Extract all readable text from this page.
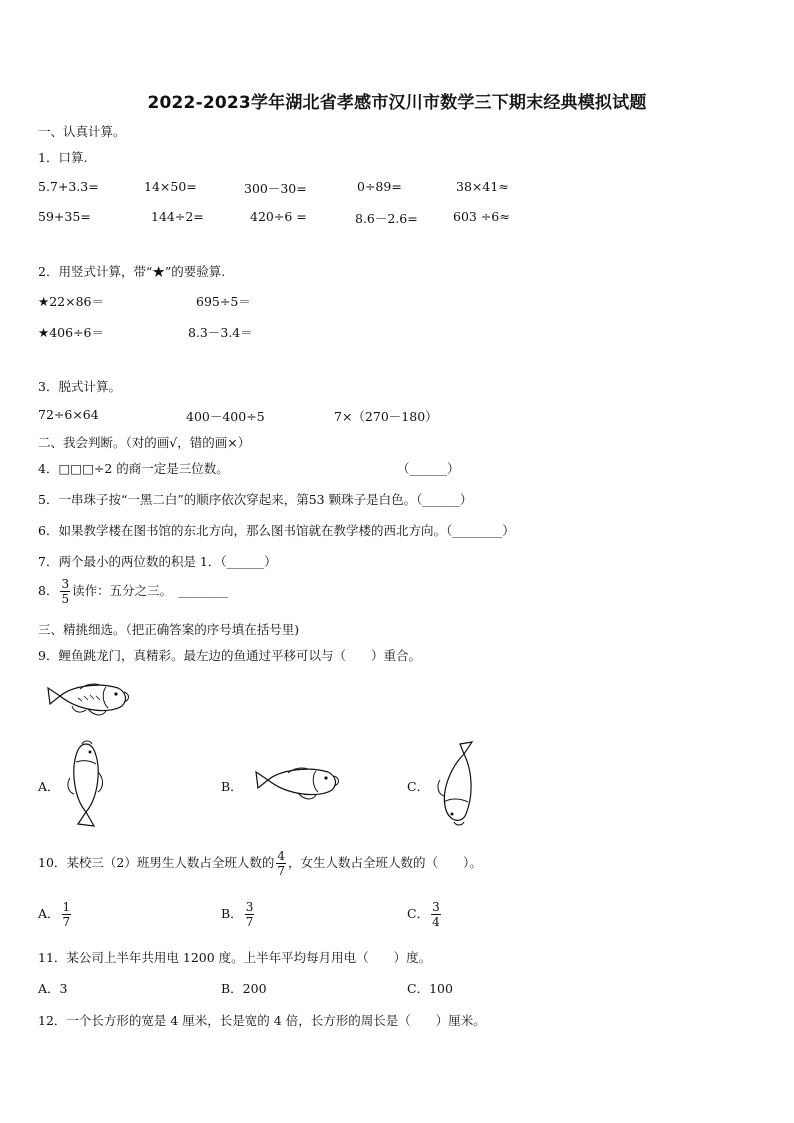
2022-2023学年湖北省孝感市汉川市数学三下期末经典模拟试题
一、认真计算。
1．口算.
5.7+3.3=	14×50=	300－30=	0÷89=	38×41≈
59+35=	144÷2=	420÷6 =	8.6－2.6=	603 ÷6≈
2．用竖式计算，带“★”的要验算.
★22×86＝	695÷5＝
★406÷6＝	8.3－3.4＝
3．脱式计算。
72÷6×64	400－400÷5	7×（270－180）
二、我会判断。（对的画√，错的画×）
4．□□□÷2 的商一定是三位数。	（______）
5．一串珠子按“一黑二白”的顺序依次穿起来，第53 颗珠子是白色。（______）
6．如果教学楼在图书馆的东北方向，那么图书馆就在教学楼的西北方向。（________）
7．两个最小的两位数的积是 1．（______）
8． $\frac{3}{5}$ 读作：五分之三。 ________
三、精挑细选。（把正确答案的序号填在括号里)
9．鲤鱼跳龙门，真精彩。最左边的鱼通过平移可以与（　　）重合。
A．	B．	C．
10．某校三（2）班男生人数占全班人数的 $\frac{4}{7}$ ，女生人数占全班人数的（　　）。
A． $\frac{1}{7}$	B． $\frac{3}{7}$	C． $\frac{3}{4}$
11．某公司上半年共用电 1200 度。上半年平均每月用电（　　）度。
A．3	B．200	C．100
12．一个长方形的宽是 4 厘米，长是宽的 4 倍，长方形的周长是（　　）厘米。
